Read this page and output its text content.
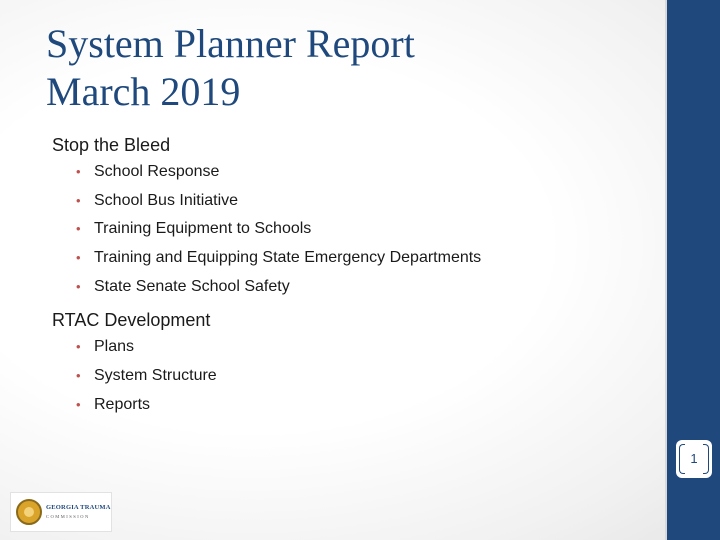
1
System Planner Report
March 2019
Stop the Bleed
• School Response
• School Bus Initiative
• Training Equipment to Schools
• Training and Equipping State Emergency Departments
• State Senate School Safety
RTAC Development
• Plans
• System Structure
• Reports
GEORGIA TRAUMA
COMMISSION
